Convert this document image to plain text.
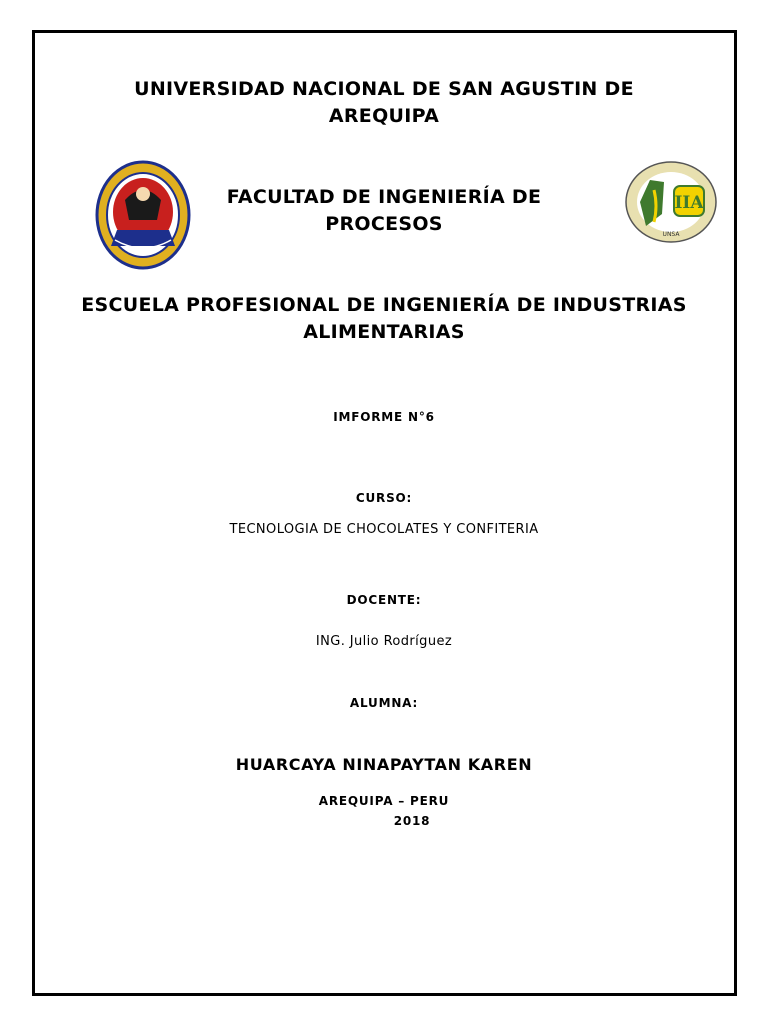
IIA
UNSA
UNIVERSIDAD NACIONAL DE SAN AGUSTIN DE
AREQUIPA
FACULTAD DE INGENIERÍA DE
PROCESOS
ESCUELA PROFESIONAL DE INGENIERÍA DE INDUSTRIAS
ALIMENTARIAS
IMFORME N°6
CURSO:
TECNOLOGIA DE CHOCOLATES Y CONFITERIA
DOCENTE:
ING. Julio Rodríguez
ALUMNA:
HUARCAYA NINAPAYTAN KAREN
AREQUIPA – PERU
2018
